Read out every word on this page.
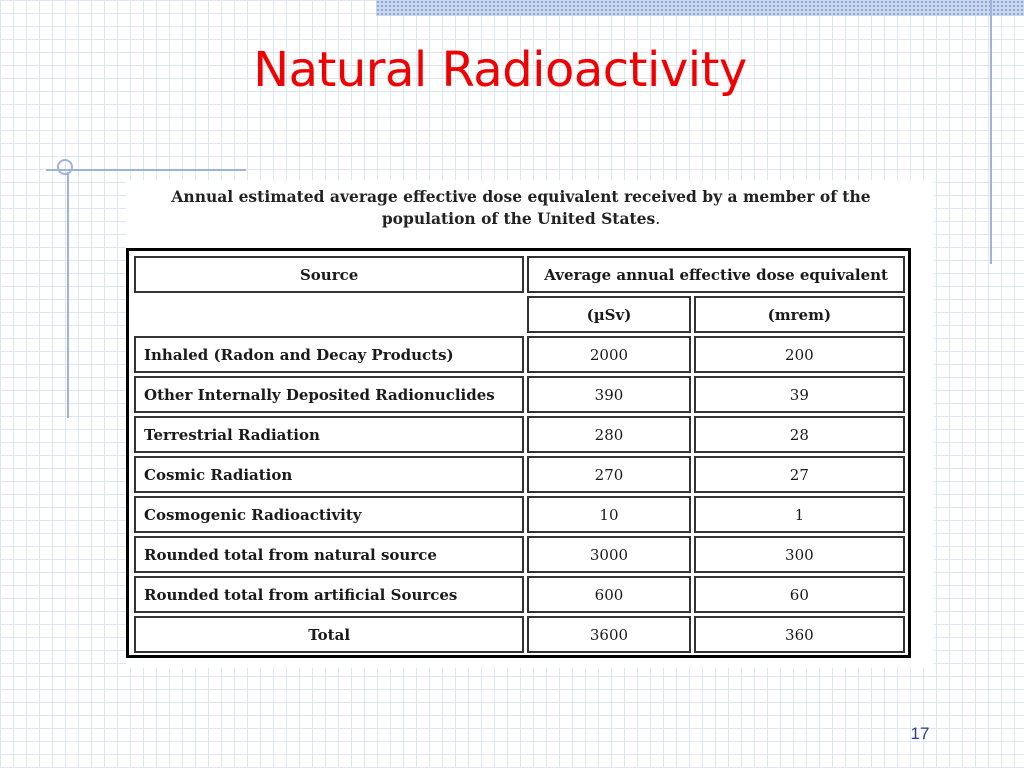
Natural Radioactivity
Annual estimated average effective dose equivalent received by a member of the
population of the United States.
Source	Average annual effective dose equivalent	
	(µSv)	(mrem)
Inhaled (Radon and Decay Products)	2000	200
Other Internally Deposited Radionuclides	390	39
Terrestrial Radiation	280	28
Cosmic Radiation	270	27
Cosmogenic Radioactivity	10	1
Rounded total from natural source	3000	300
Rounded total from artificial Sources	600	60
Total	3600	360
17
